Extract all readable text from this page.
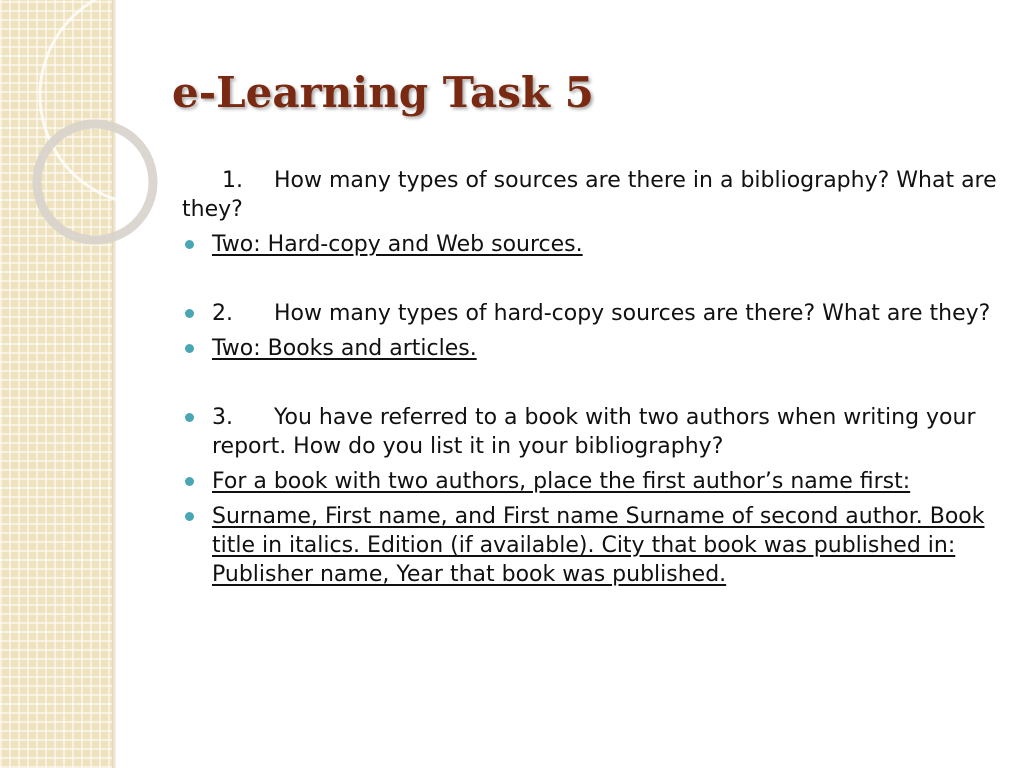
e-Learning Task 5

1. How many types of sources are there in a bibliography? What are they?

Two: Hard-copy and Web sources.
2. How many types of hard-copy sources are there? What are they?
Two: Books and articles.
3. You have referred to a book with two authors when writing your report. How do you list it in your bibliography?
For a book with two authors, place the first author’s name first:
Surname, First name, and First name Surname of second author. Book title in italics. Edition (if available). City that book was published in: Publisher name, Year that book was published.
